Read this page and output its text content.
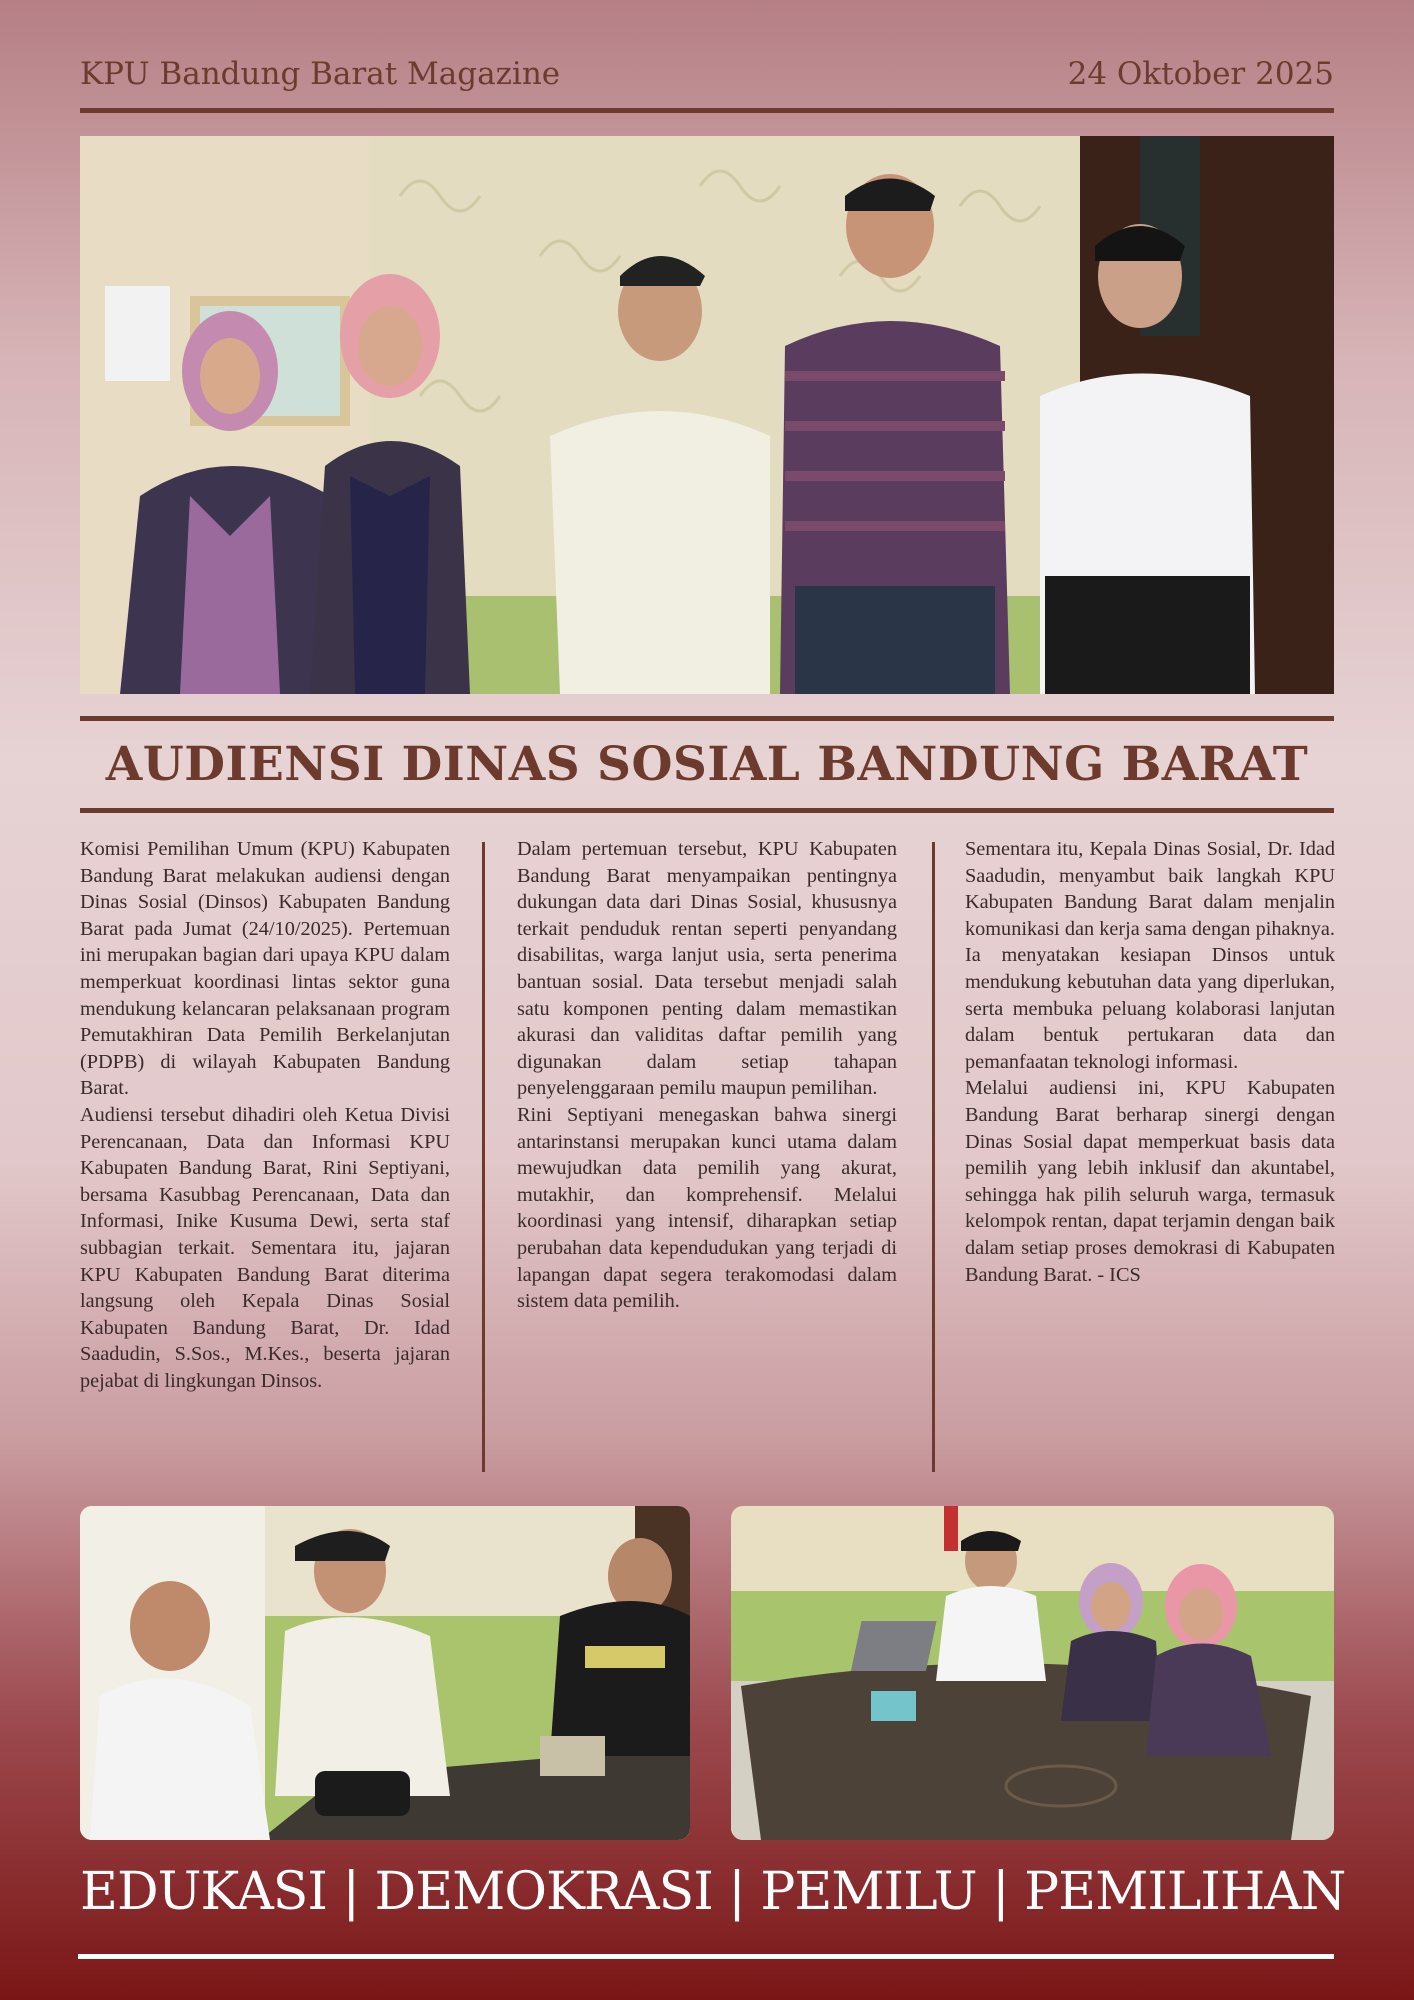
KPU Bandung Barat Magazine	24 Oktober 2025
AUDIENSI DINAS SOSIAL BANDUNG BARAT

Komisi Pemilihan Umum (KPU) Kabupaten Bandung Barat melakukan audiensi dengan Dinas Sosial (Dinsos) Kabupaten Bandung Barat pada Jumat (24/10/2025). Pertemuan ini merupakan bagian dari upaya KPU dalam memperkuat koordinasi lintas sektor guna mendukung kelancaran pelaksanaan program Pemutakhiran Data Pemilih Berkelanjutan (PDPB) di wilayah Kabupaten Bandung Barat.

Audiensi tersebut dihadiri oleh Ketua Divisi Perencanaan, Data dan Informasi KPU Kabupaten Bandung Barat, Rini Septiyani, bersama Kasubbag Perencanaan, Data dan Informasi, Inike Kusuma Dewi, serta staf subbagian terkait. Sementara itu, jajaran KPU Kabupaten Bandung Barat diterima langsung oleh Kepala Dinas Sosial Kabupaten Bandung Barat, Dr. Idad Saadudin, S.Sos., M.Kes., beserta jajaran pejabat di lingkungan Dinsos.

Dalam pertemuan tersebut, KPU Kabupaten Bandung Barat menyampaikan pentingnya dukungan data dari Dinas Sosial, khususnya terkait penduduk rentan seperti penyandang disabilitas, warga lanjut usia, serta penerima bantuan sosial. Data tersebut menjadi salah satu komponen penting dalam memastikan akurasi dan validitas daftar pemilih yang digunakan dalam setiap tahapan penyelenggaraan pemilu maupun pemilihan.

Rini Septiyani menegaskan bahwa sinergi antarinstansi merupakan kunci utama dalam mewujudkan data pemilih yang akurat, mutakhir, dan komprehensif. Melalui koordinasi yang intensif, diharapkan setiap perubahan data kependudukan yang terjadi di lapangan dapat segera terakomodasi dalam sistem data pemilih.

Sementara itu, Kepala Dinas Sosial, Dr. Idad Saadudin, menyambut baik langkah KPU Kabupaten Bandung Barat dalam menjalin komunikasi dan kerja sama dengan pihaknya. Ia menyatakan kesiapan Dinsos untuk mendukung kebutuhan data yang diperlukan, serta membuka peluang kolaborasi lanjutan dalam bentuk pertukaran data dan pemanfaatan teknologi informasi.

Melalui audiensi ini, KPU Kabupaten Bandung Barat berharap sinergi dengan Dinas Sosial dapat memperkuat basis data pemilih yang lebih inklusif dan akuntabel, sehingga hak pilih seluruh warga, termasuk kelompok rentan, dapat terjamin dengan baik dalam setiap proses demokrasi di Kabupaten Bandung Barat. - ICS

EDUKASI | DEMOKRASI | PEMILU | PEMILIHAN
